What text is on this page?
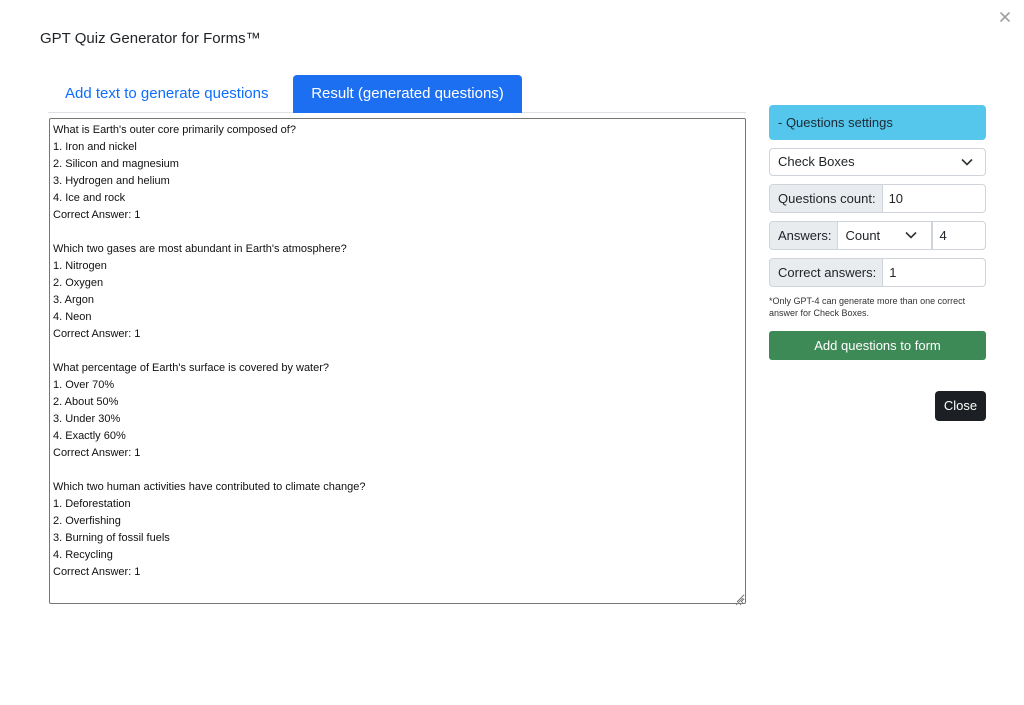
GPT Quiz Generator for Forms™
Add text to generate questions	Result (generated questions)
What is Earth's outer core primarily composed of?
1. Iron and nickel
2. Silicon and magnesium
3. Hydrogen and helium
4. Ice and rock
Correct Answer: 1
Which two gases are most abundant in Earth's atmosphere?
1. Nitrogen
2. Oxygen
3. Argon
4. Neon
Correct Answer: 1
What percentage of Earth's surface is covered by water?
1. Over 70%
2. About 50%
3. Under 30%
4. Exactly 60%
Correct Answer: 1
Which two human activities have contributed to climate change?
1. Deforestation
2. Overfishing
3. Burning of fossil fuels
4. Recycling
Correct Answer: 1
- Questions settings
Check Boxes
Questions count:	10
Answers:	Count	4
Correct answers:	1
*Only GPT-4 can generate more than one correct answer for Check Boxes.
Add questions to form
Close
